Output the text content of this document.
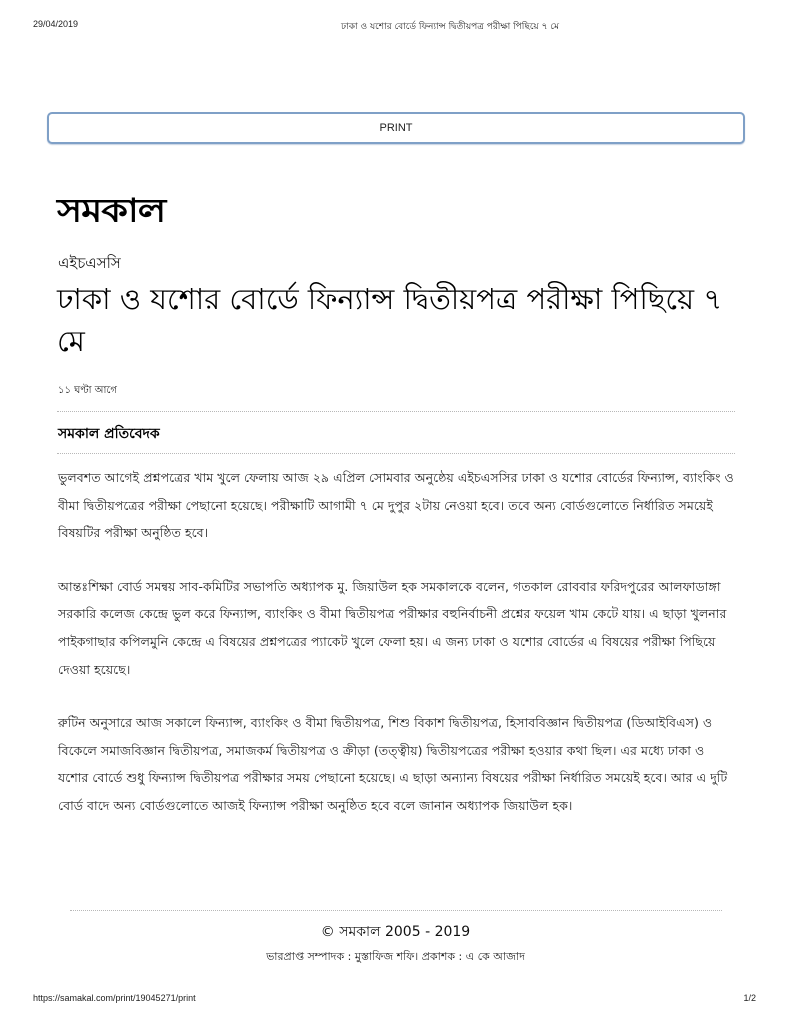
29/04/2019	ঢাকা ও যশোর বোর্ডে ফিন্যান্স দ্বিতীয়পত্র পরীক্ষা পিছিয়ে ৭ মে
PRINT
সমকাল
এইচএসসি
ঢাকা ও যশোর বোর্ডে ফিন্যান্স দ্বিতীয়পত্র পরীক্ষা পিছিয়ে ৭ মে
১১ ঘণ্টা আগে
সমকাল প্রতিবেদক

ভুলবশত আগেই প্রশ্নপত্রের খাম খুলে ফেলায় আজ ২৯ এপ্রিল সোমবার অনুষ্ঠেয় এইচএসসির ঢাকা ও যশোর বোর্ডের ফিন্যান্স, ব্যাংকিং ও বীমা দ্বিতীয়পত্রের পরীক্ষা পেছানো হয়েছে। পরীক্ষাটি আগামী ৭ মে দুপুর ২টায় নেওয়া হবে। তবে অন্য বোর্ডগুলোতে নির্ধারিত সময়েই বিষয়টির পরীক্ষা অনুষ্ঠিত হবে।

আন্তঃশিক্ষা বোর্ড সমন্বয় সাব-কমিটির সভাপতি অধ্যাপক মু. জিয়াউল হক সমকালকে বলেন, গতকাল রোববার ফরিদপুরের আলফাডাঙ্গা সরকারি কলেজ কেন্দ্রে ভুল করে ফিন্যান্স, ব্যাংকিং ও বীমা দ্বিতীয়পত্র পরীক্ষার বহুনির্বাচনী প্রশ্নের ফয়েল খাম কেটে যায়। এ ছাড়া খুলনার পাইকগাছার কপিলমুনি কেন্দ্রে এ বিষয়ের প্রশ্নপত্রের প্যাকেট খুলে ফেলা হয়। এ জন্য ঢাকা ও যশোর বোর্ডের এ বিষয়ের পরীক্ষা পিছিয়ে দেওয়া হয়েছে।

রুটিন অনুসারে আজ সকালে ফিন্যান্স, ব্যাংকিং ও বীমা দ্বিতীয়পত্র, শিশু বিকাশ দ্বিতীয়পত্র, হিসাববিজ্ঞান দ্বিতীয়পত্র (ডিআইবিএস) ও বিকেলে সমাজবিজ্ঞান দ্বিতীয়পত্র, সমাজকর্ম দ্বিতীয়পত্র ও ক্রীড়া (তত্ত্বীয়) দ্বিতীয়পত্রের পরীক্ষা হওয়ার কথা ছিল। এর মধ্যে ঢাকা ও যশোর বোর্ডে শুধু ফিন্যান্স দ্বিতীয়পত্র পরীক্ষার সময় পেছানো হয়েছে। এ ছাড়া অন্যান্য বিষয়ের পরীক্ষা নির্ধারিত সময়েই হবে। আর এ দুটি বোর্ড বাদে অন্য বোর্ডগুলোতে আজই ফিন্যান্স পরীক্ষা অনুষ্ঠিত হবে বলে জানান অধ্যাপক জিয়াউল হক।

© সমকাল 2005 - 2019
ভারপ্রাপ্ত সম্পাদক : মুস্তাফিজ শফি। প্রকাশক : এ কে আজাদ
https://samakal.com/print/19045271/print	1/2
